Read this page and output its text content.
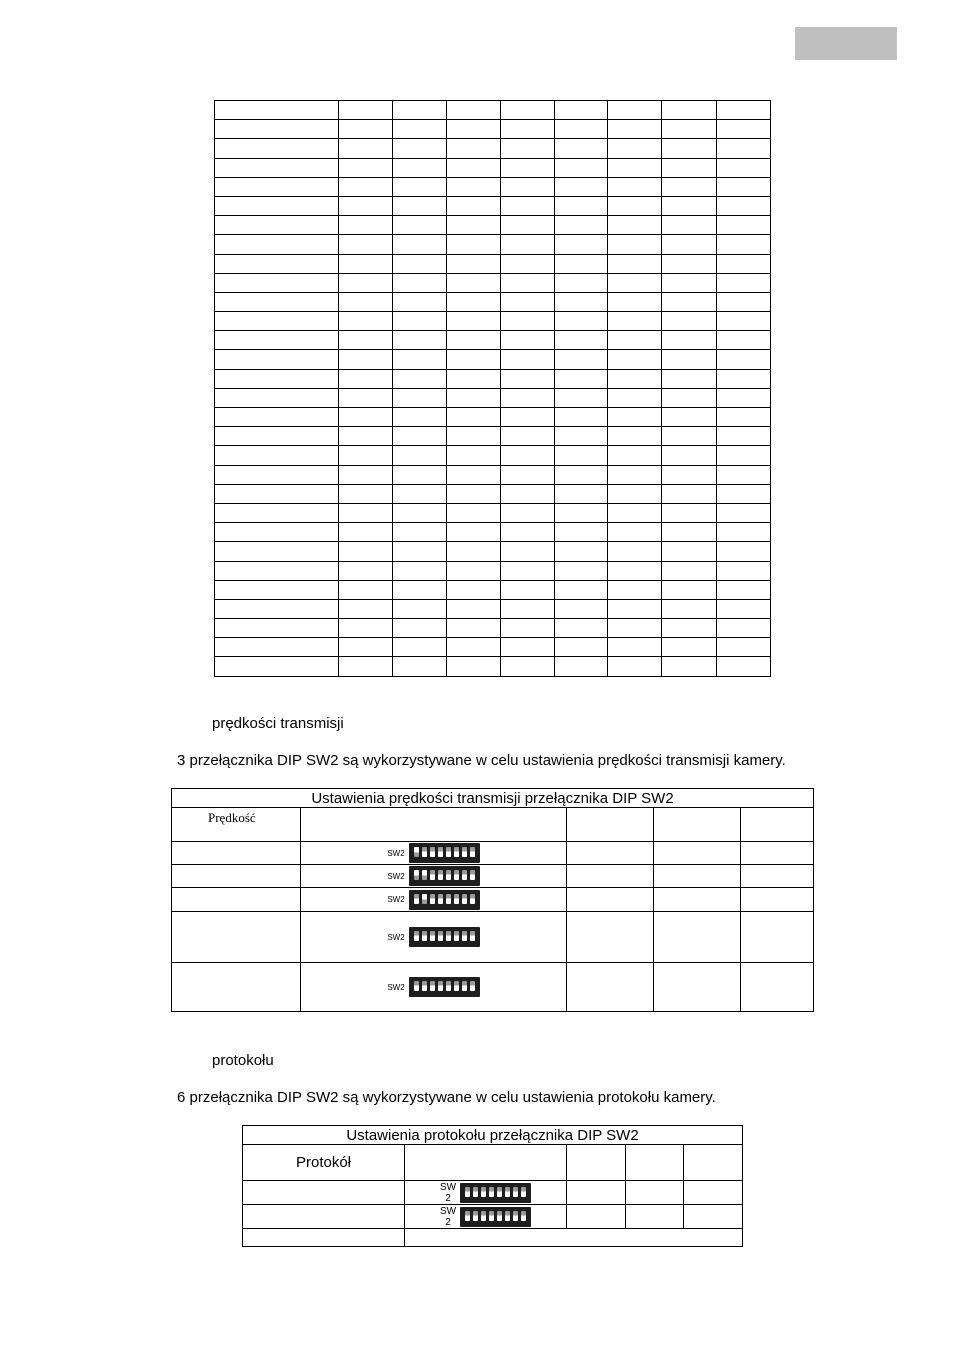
prędkości transmisji
3 przełącznika DIP SW2 są wykorzystywane w celu ustawienia prędkości transmisji kamery.
Ustawienia prędkości transmisji przełącznika DIP SW2				
Prędkość				

	SW2			

	SW2			

	SW2			

	SW2			

	SW2			

protokołu
6 przełącznika DIP SW2 są wykorzystywane w celu ustawienia protokołu kamery.
Ustawienia protokołu przełącznika DIP SW2				
Protokół				

	SW
2			

	SW
2			
